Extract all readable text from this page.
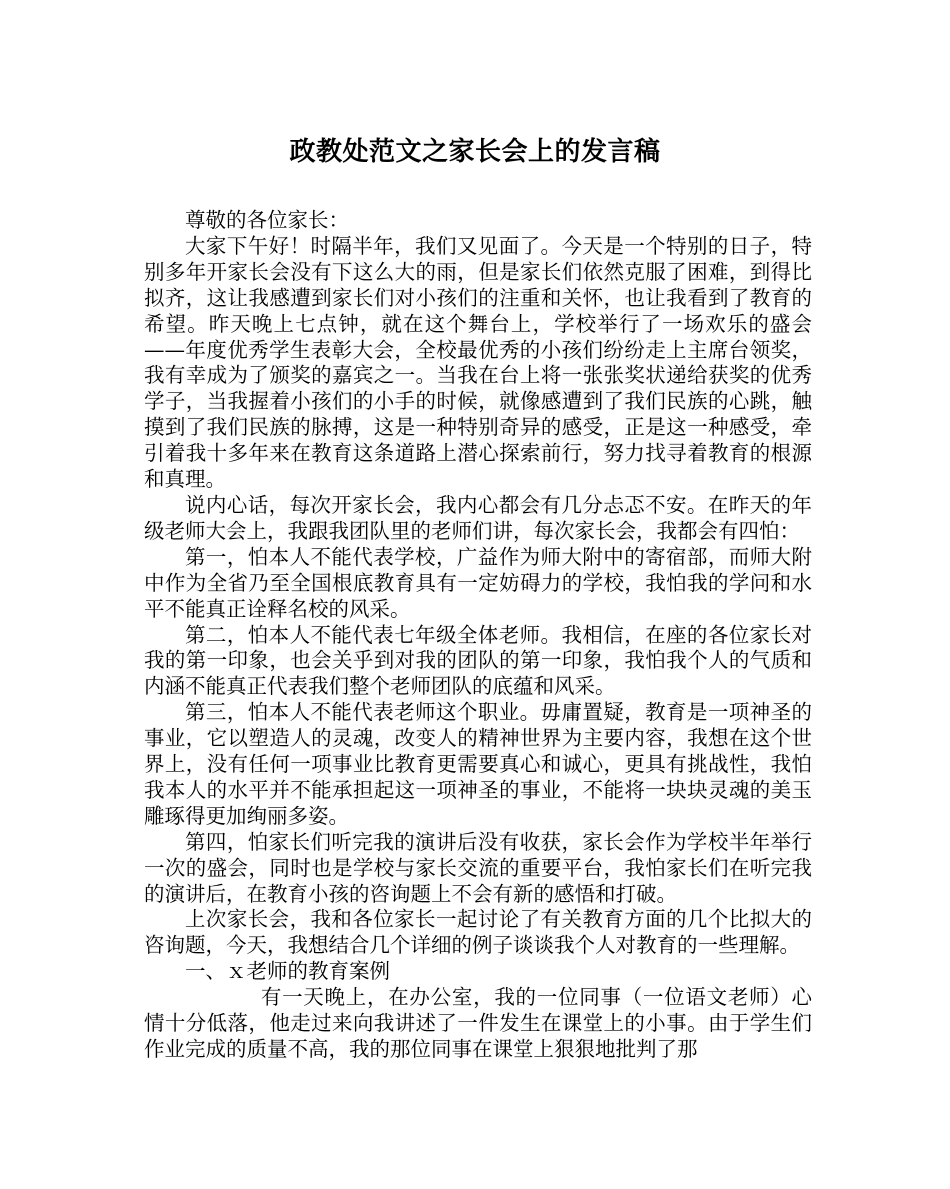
政教处范文之家长会上的发言稿

尊敬的各位家长：

大家下午好！时隔半年，我们又见面了。今天是一个特别的日子，特别多年开家长会没有下这么大的雨，但是家长们依然克服了困难，到得比拟齐，这让我感遭到家长们对小孩们的注重和关怀，也让我看到了教育的希望。昨天晚上七点钟，就在这个舞台上，学校举行了一场欢乐的盛会——年度优秀学生表彰大会，全校最优秀的小孩们纷纷走上主席台领奖，我有幸成为了颁奖的嘉宾之一。当我在台上将一张张奖状递给获奖的优秀学子，当我握着小孩们的小手的时候，就像感遭到了我们民族的心跳，触摸到了我们民族的脉搏，这是一种特别奇异的感受，正是这一种感受，牵引着我十多年来在教育这条道路上潜心探索前行，努力找寻着教育的根源和真理。

说内心话，每次开家长会，我内心都会有几分忐忑不安。在昨天的年级老师大会上，我跟我团队里的老师们讲，每次家长会，我都会有四怕：

第一，怕本人不能代表学校，广益作为师大附中的寄宿部，而师大附中作为全省乃至全国根底教育具有一定妨碍力的学校，我怕我的学问和水平不能真正诠释名校的风采。

第二，怕本人不能代表七年级全体老师。我相信，在座的各位家长对我的第一印象，也会关乎到对我的团队的第一印象，我怕我个人的气质和内涵不能真正代表我们整个老师团队的底蕴和风采。

第三，怕本人不能代表老师这个职业。毋庸置疑，教育是一项神圣的事业，它以塑造人的灵魂，改变人的精神世界为主要内容，我想在这个世界上，没有任何一项事业比教育更需要真心和诚心，更具有挑战性，我怕我本人的水平并不能承担起这一项神圣的事业，不能将一块块灵魂的美玉雕琢得更加绚丽多姿。

第四，怕家长们听完我的演讲后没有收获，家长会作为学校半年举行一次的盛会，同时也是学校与家长交流的重要平台，我怕家长们在听完我的演讲后，在教育小孩的咨询题上不会有新的感悟和打破。

上次家长会，我和各位家长一起讨论了有关教育方面的几个比拟大的咨询题，今天，我想结合几个详细的例子谈谈我个人对教育的一些理解。

一、ｘ老师的教育案例

有一天晚上，在办公室，我的一位同事（一位语文老师）心情十分低落，他走过来向我讲述了一件发生在课堂上的小事。由于学生们作业完成的质量不高，我的那位同事在课堂上狠狠地批判了那
